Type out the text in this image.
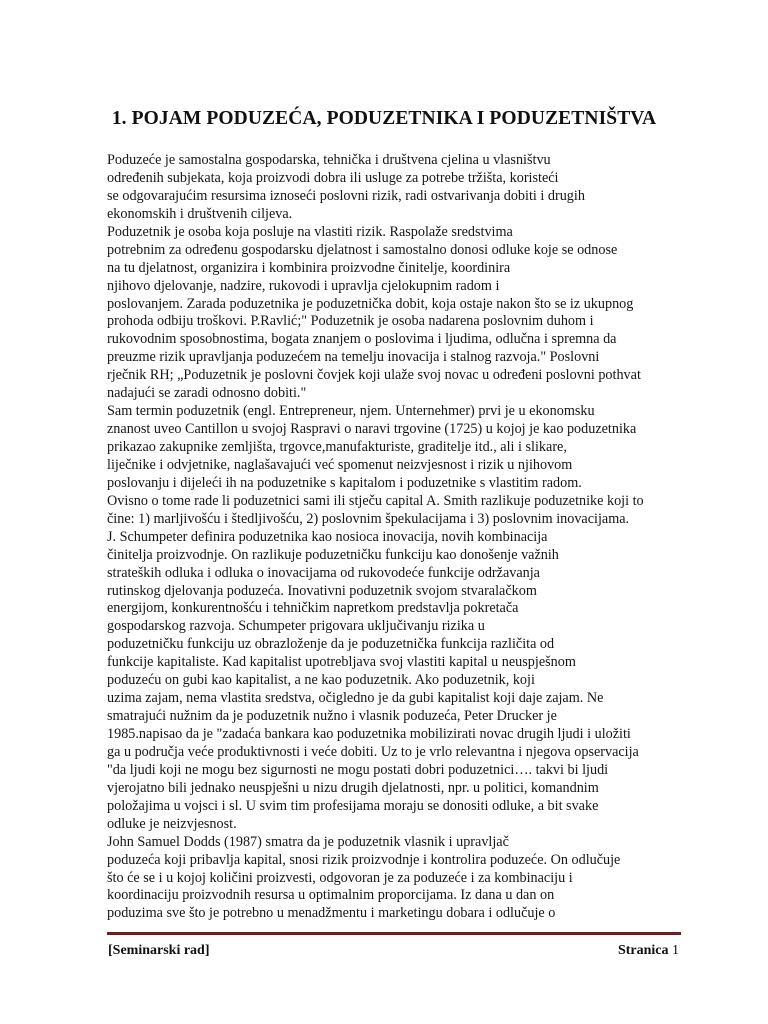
1. POJAM PODUZEĆA, PODUZETNIKA I PODUZETNIŠTVA
Poduzeće je samostalna gospodarska, tehnička i društvena cjelina u vlasništvu
određenih subjekata, koja proizvodi dobra ili usluge za potrebe tržišta, koristeći
se odgovarajućim resursima iznoseći poslovni rizik, radi ostvarivanja dobiti i drugih
ekonomskih i društvenih ciljeva.
Poduzetnik je osoba koja posluje na vlastiti rizik. Raspolaže sredstvima
potrebnim za određenu gospodarsku djelatnost i samostalno donosi odluke koje se odnose
na tu djelatnost, organizira i kombinira proizvodne činitelje, koordinira
njihovo djelovanje, nadzire, rukovodi i upravlja cjelokupnim radom i
poslovanjem. Zarada poduzetnika je poduzetnička dobit, koja ostaje nakon što se iz ukupnog
prohoda odbiju troškovi. P.Ravlić;" Poduzetnik je osoba nadarena poslovnim duhom i
rukovodnim sposobnostima, bogata znanjem o poslovima i ljudima, odlučna i spremna da
preuzme rizik upravljanja poduzećem na temelju inovacija i stalnog razvoja." Poslovni
rječnik RH; „Poduzetnik je poslovni čovjek koji ulaže svoj novac u određeni poslovni pothvat
nadajući se zaradi odnosno dobiti."
Sam termin poduzetnik (engl. Entrepreneur, njem. Unternehmer) prvi je u ekonomsku
znanost uveo Cantillon u svojoj Raspravi o naravi trgovine (1725) u kojoj je kao poduzetnika
prikazao zakupnike zemljišta, trgovce,manufakturiste, graditelje itd., ali i slikare,
liječnike i odvjetnike, naglašavajući već spomenut neizvjesnost i rizik u njihovom
poslovanju i dijeleći ih na poduzetnike s kapitalom i poduzetnike s vlastitim radom.
Ovisno o tome rade li poduzetnici sami ili stječu capital A. Smith razlikuje poduzetnike koji to
čine: 1) marljivošću i štedljivošću, 2) poslovnim špekulacijama i 3) poslovnim inovacijama.
J. Schumpeter definira poduzetnika kao nosioca inovacija, novih kombinacija
činitelja proizvodnje. On razlikuje poduzetničku funkciju kao donošenje važnih
strateških odluka i odluka o inovacijama od rukovodeće funkcije održavanja
rutinskog djelovanja poduzeća. Inovativni poduzetnik svojom stvaralačkom
energijom, konkurentnošću i tehničkim napretkom predstavlja pokretača
gospodarskog razvoja. Schumpeter prigovara uključivanju rizika u
poduzetničku funkciju uz obrazloženje da je poduzetnička funkcija različita od
funkcije kapitaliste. Kad kapitalist upotrebljava svoj vlastiti kapital u neuspješnom
poduzeću on gubi kao kapitalist, a ne kao poduzetnik. Ako poduzetnik, koji
uzima zajam, nema vlastita sredstva, očigledno je da gubi kapitalist koji daje zajam. Ne
smatrajući nužnim da je poduzetnik nužno i vlasnik poduzeća, Peter Drucker je
1985.napisao da je "zadaća bankara kao poduzetnika mobilizirati novac drugih ljudi i uložiti
ga u područja veće produktivnosti i veće dobiti. Uz to je vrlo relevantna i njegova opservacija
"da ljudi koji ne mogu bez sigurnosti ne mogu postati dobri poduzetnici…. takvi bi ljudi
vjerojatno bili jednako neuspješni u nizu drugih djelatnosti, npr. u politici, komandnim
položajima u vojsci i sl. U svim tim profesijama moraju se donositi odluke, a bit svake
odluke je neizvjesnost.
John Samuel Dodds (1987) smatra da je poduzetnik vlasnik i upravljač
poduzeća koji pribavlja kapital, snosi rizik proizvodnje i kontrolira poduzeće. On odlučuje
što će se i u kojoj količini proizvesti, odgovoran je za poduzeće i za kombinaciju i
koordinaciju proizvodnih resursa u optimalnim proporcijama. Iz dana u dan on
poduzima sve što je potrebno u menadžmentu i marketingu dobara i odlučuje o
[Seminarski rad]	Stranica 1
